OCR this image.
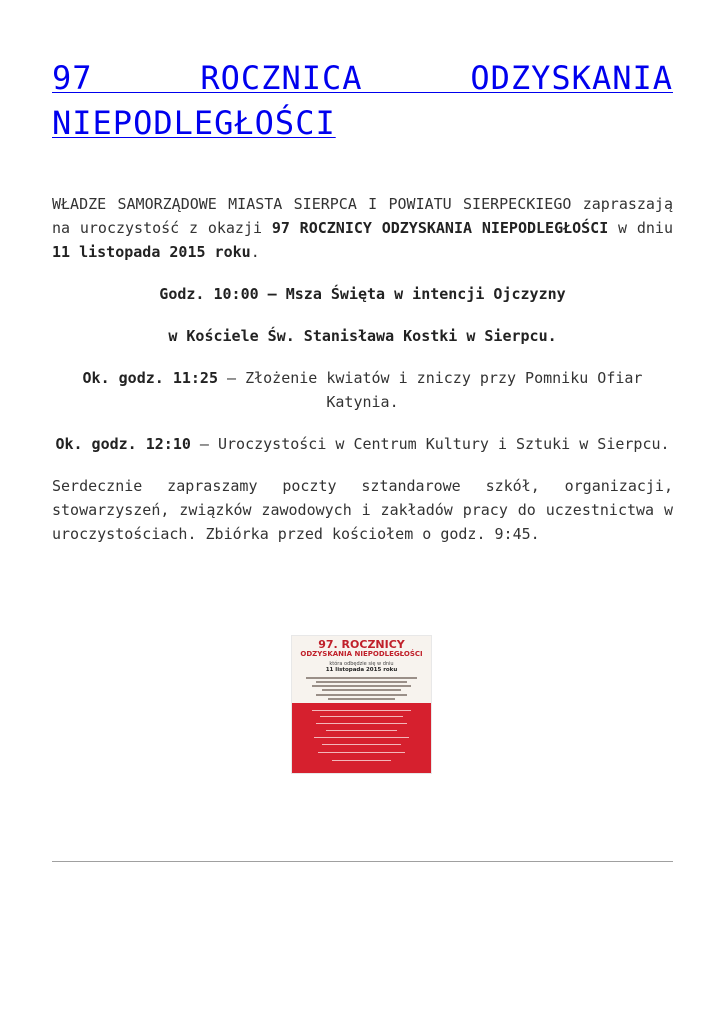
97 ROCZNICA ODZYSKANIA NIEPODLEGŁOŚCI

WŁADZE SAMORZĄDOWE MIASTA SIERPCA I POWIATU SIERPECKIEGO zapraszają na uroczystość z okazji 97 ROCZNICY ODZYSKANIA NIEPODLEGŁOŚCI w dniu 11 listopada 2015 roku.

Godz. 10:00 – Msza Święta w intencji Ojczyzny

w Kościele Św. Stanisława Kostki w Sierpcu.

Ok. godz. 11:25 – Złożenie kwiatów i zniczy przy Pomniku Ofiar Katynia.

Ok. godz. 12:10 – Uroczystości w Centrum Kultury i Sztuki w Sierpcu.

Serdecznie zapraszamy poczty sztandarowe szkół, organizacji, stowarzyszeń, związków zawodowych i zakładów pracy do uczestnictwa w uroczystościach. Zbiórka przed kościołem o godz. 9:45.

97. ROCZNICY
ODZYSKANIA NIEPODLEGŁOŚCI
która odbędzie się w dniu
11 listopada 2015 roku
